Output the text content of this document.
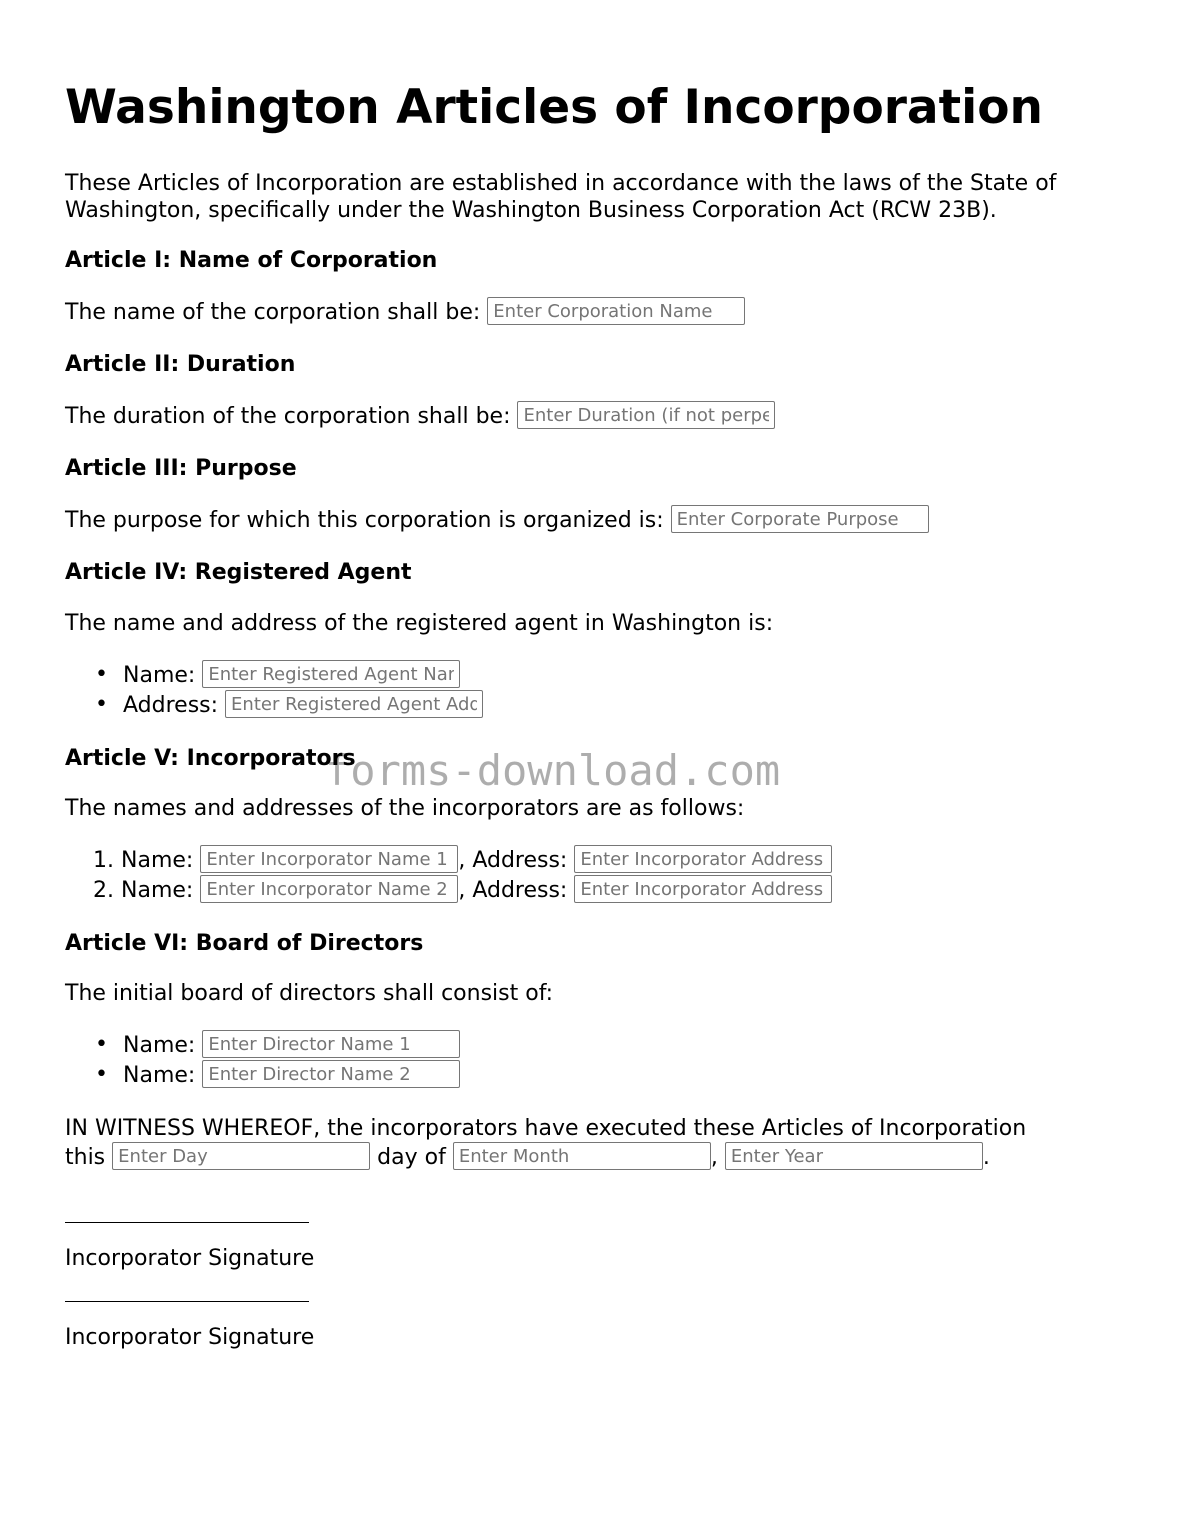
Washington Articles of Incorporation

These Articles of Incorporation are established in accordance with the laws of the State of Washington, specifically under the Washington Business Corporation Act (RCW 23B).

Article I: Name of Corporation

The name of the corporation shall be: Enter Corporation Name

Article II: Duration

The duration of the corporation shall be: Enter Duration (if not perpetual)

Article III: Purpose

The purpose for which this corporation is organized is: Enter Corporate Purpose

Article IV: Registered Agent

The name and address of the registered agent in Washington is:

• Name: Enter Registered Agent Name
• Address: Enter Registered Agent Address

Article V: Incorporators

The names and addresses of the incorporators are as follows:

1. Name: Enter Incorporator Name 1	, Address: Enter Incorporator Address 1
2. Name: Enter Incorporator Name 2	, Address: Enter Incorporator Address 2

Article VI: Board of Directors

The initial board of directors shall consist of:

• Name: Enter Director Name 1
• Name: Enter Director Name 2

IN WITNESS WHEREOF, the incorporators have executed these Articles of Incorporation

this Enter Day	day of Enter Month	, Enter Year	.

Incorporator Signature

Incorporator Signature

forms-download.com
